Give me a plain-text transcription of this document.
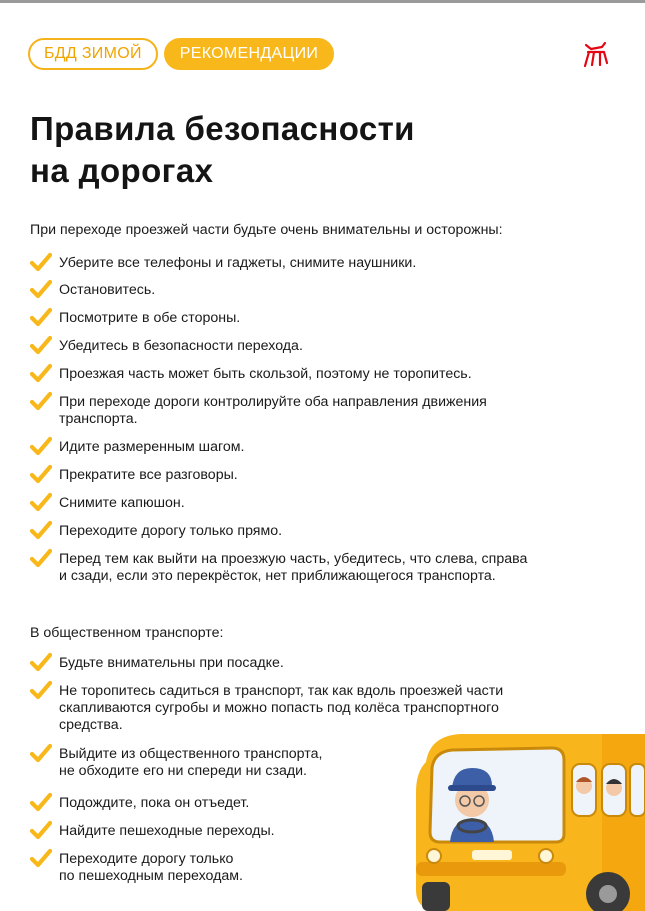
БДД ЗИМОЙ	РЕКОМЕНДАЦИИ
Правила безопасности
на дорогах
При переходе проезжей части будьте очень внимательны и осторожны:
Уберите все телефоны и гаджеты, снимите наушники.
Остановитесь.
Посмотрите в обе стороны.
Убедитесь в безопасности перехода.
Проезжая часть может быть скользой, поэтому не торопитесь.
При переходе дороги контролируйте оба направления движения
транспорта.
Идите размеренным шагом.
Прекратите все разговоры.
Снимите капюшон.
Переходите дорогу только прямо.
Перед тем как выйти на проезжую часть, убедитесь, что слева, справа
и сзади, если это перекрёсток, нет приближающегося транспорта.
В общественном транспорте:
Будьте внимательны при посадке.
Не торопитесь садиться в транспорт, так как вдоль проезжей части
скапливаются сугробы и можно попасть под колёса транспортного
средства.
Выйдите из общественного транспорта,
не обходите его ни спереди ни сзади.
Подождите, пока он отъедет.
Найдите пешеходные переходы.
Переходите дорогу только
по пешеходным переходам.
